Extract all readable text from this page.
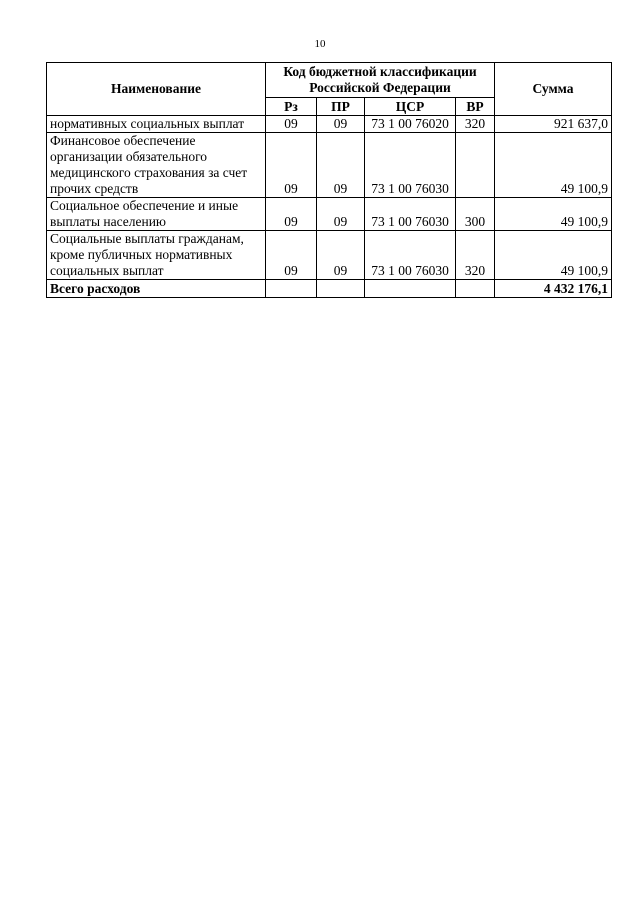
10
Наименование	Код бюджетной классификации Российской Федерации				Сумма
	Рз	ПР	ЦСР	ВР	
нормативных социальных выплат	09	09	73 1 00 76020	320	921 637,0
Финансовое обеспечение организации обязательного медицинского страхования за счет прочих средств	09	09	73 1 00 76030		49 100,9
Социальное обеспечение и иные выплаты населению	09	09	73 1 00 76030	300	49 100,9
Социальные выплаты гражданам, кроме публичных нормативных социальных выплат	09	09	73 1 00 76030	320	49 100,9
Всего расходов					4 432 176,1
